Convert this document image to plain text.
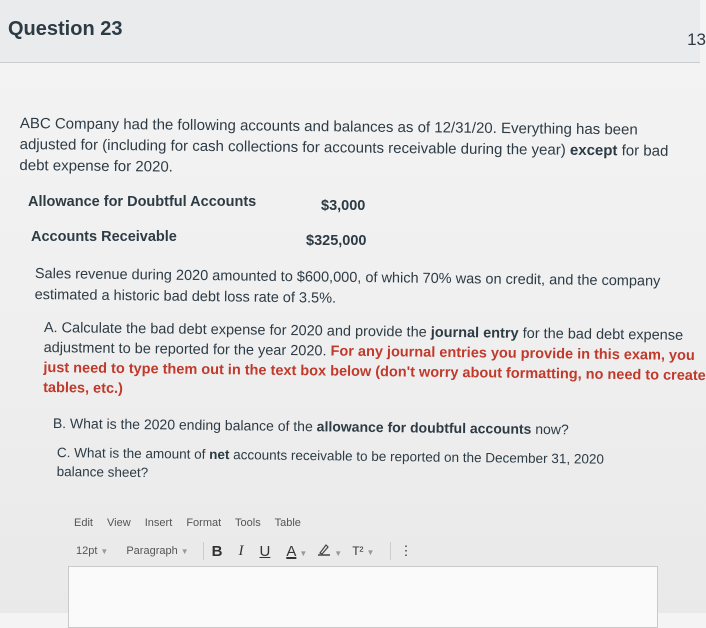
Question 23	13
ABC Company had the following accounts and balances as of 12/31/20. Everything has been
adjusted for (including for cash collections for accounts receivable during the year) except for bad
debt expense for 2020.
Allowance for Doubtful Accounts	$3,000
Accounts Receivable	$325,000
Sales revenue during 2020 amounted to $600,000, of which 70% was on credit, and the company
estimated a historic bad debt loss rate of 3.5%.
A. Calculate the bad debt expense for 2020 and provide the journal entry for the bad debt expense
adjustment to be reported for the year 2020. For any journal entries you provide in this exam, you
just need to type them out in the text box below (don't worry about formatting, no need to create
tables, etc.)
B. What is the 2020 ending balance of the allowance for doubtful accounts now?
C. What is the amount of net accounts receivable to be reported on the December 31, 2020
balance sheet?
Edit View Insert Format Tools Table
12pt ▼ Paragraph ▼ B I U A ▼	▼ T² ▼ ⋮
